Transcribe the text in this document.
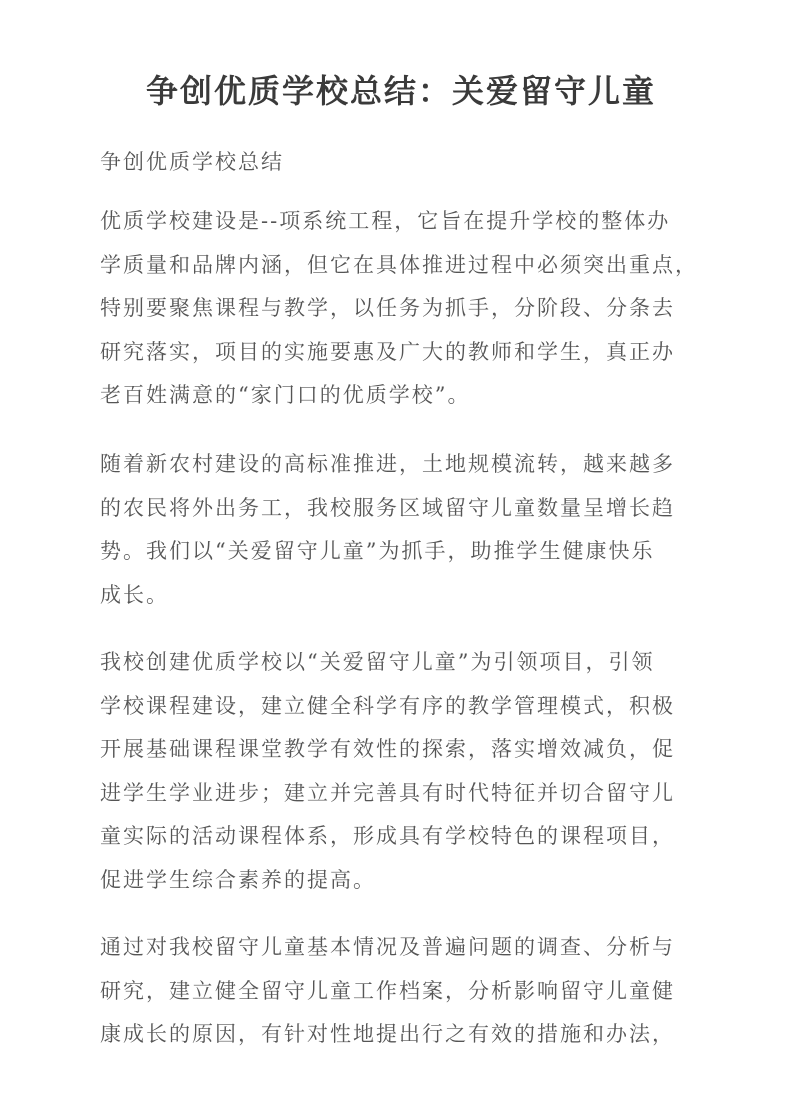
争创优质学校总结：关爱留守儿童
争创优质学校总结
优质学校建设是--项系统工程，它旨在提升学校的整体办
学质量和品牌内涵，但它在具体推进过程中必须突出重点，
特别要聚焦课程与教学，以任务为抓手，分阶段、分条去
研究落实，项目的实施要惠及广大的教师和学生，真正办
老百姓满意的“家门口的优质学校”。
随着新农村建设的高标准推进，土地规模流转，越来越多
的农民将外出务工，我校服务区域留守儿童数量呈增长趋
势。我们以“关爱留守儿童”为抓手，助推学生健康快乐
成长。
我校创建优质学校以“关爱留守儿童”为引领项目，引领
学校课程建设，建立健全科学有序的教学管理模式，积极
开展基础课程课堂教学有效性的探索，落实增效减负，促
进学生学业进步；建立并完善具有时代特征并切合留守儿
童实际的活动课程体系，形成具有学校特色的课程项目，
促进学生综合素养的提高。
通过对我校留守儿童基本情况及普遍问题的调查、分析与
研究，建立健全留守儿童工作档案，分析影响留守儿童健
康成长的原因，有针对性地提出行之有效的措施和办法，
